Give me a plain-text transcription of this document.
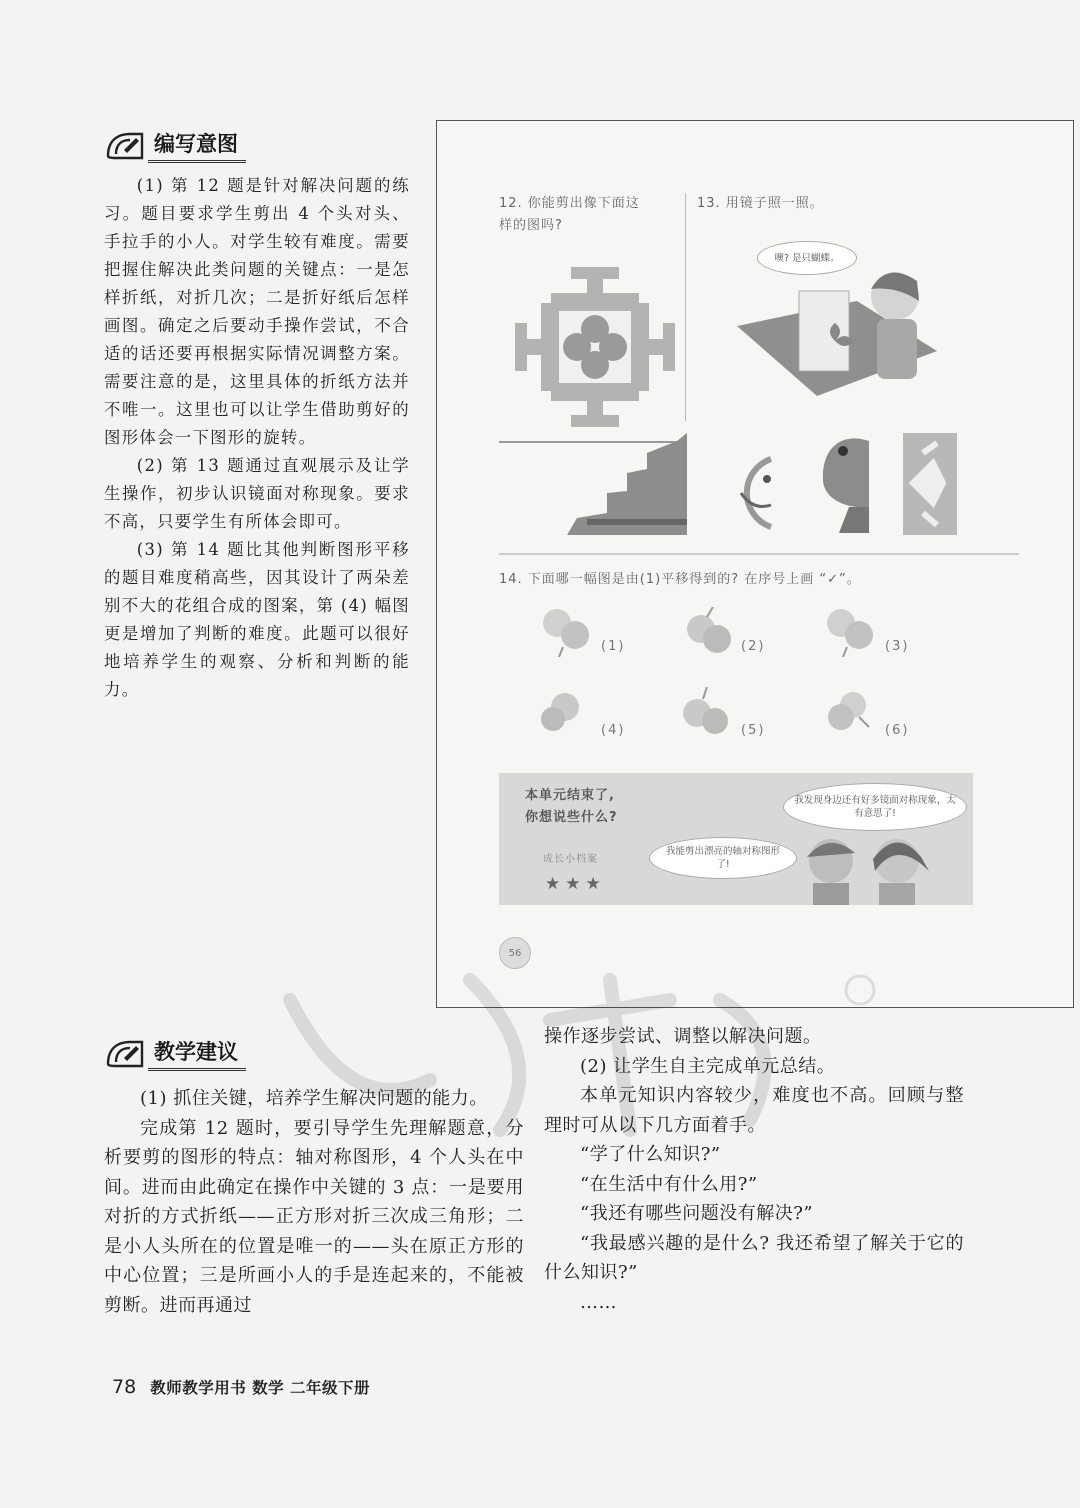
编写意图

(1) 第 12 题是针对解决问题的练习。题目要求学生剪出 4 个头对头、手拉手的小人。对学生较有难度。需要把握住解决此类问题的关键点：一是怎样折纸，对折几次；二是折好纸后怎样画图。确定之后要动手操作尝试，不合适的话还要再根据实际情况调整方案。需要注意的是，这里具体的折纸方法并不唯一。这里也可以让学生借助剪好的图形体会一下图形的旋转。

(2) 第 13 题通过直观展示及让学生操作，初步认识镜面对称现象。要求不高，只要学生有所体会即可。

(3) 第 14 题比其他判断图形平移的题目难度稍高些，因其设计了两朵差别不大的花组合成的图案，第 (4) 幅图更是增加了判断的难度。此题可以很好地培养学生的观察、分析和判断的能力。

12. 你能剪出像下面这样的图吗?
13. 用镜子照一照。
噢? 是只蝴蝶。
14. 下面哪一幅图是由(1)平移得到的? 在序号上画 “✓”。
(1)	(2)	(3)
(4)	(5)	(6)
本单元结束了,
你想说些什么?
成长小档案
★★★
我发现身边还有好多镜面对称现象，太有意思了!
我能剪出漂亮的轴对称图形了!
56
教学建议

(1) 抓住关键，培养学生解决问题的能力。

完成第 12 题时，要引导学生先理解题意，分析要剪的图形的特点：轴对称图形，4 个人头在中间。进而由此确定在操作中关键的 3 点：一是要用对折的方式折纸——正方形对折三次成三角形；二是小人头所在的位置是唯一的——头在原正方形的中心位置；三是所画小人的手是连起来的，不能被剪断。进而再通过

操作逐步尝试、调整以解决问题。

(2) 让学生自主完成单元总结。

本单元知识内容较少，难度也不高。回顾与整理时可从以下几方面着手。

“学了什么知识?”

“在生活中有什么用?”

“我还有哪些问题没有解决?”

“我最感兴趣的是什么? 我还希望了解关于它的什么知识?”

……

78 教师教学用书 数学 二年级下册
